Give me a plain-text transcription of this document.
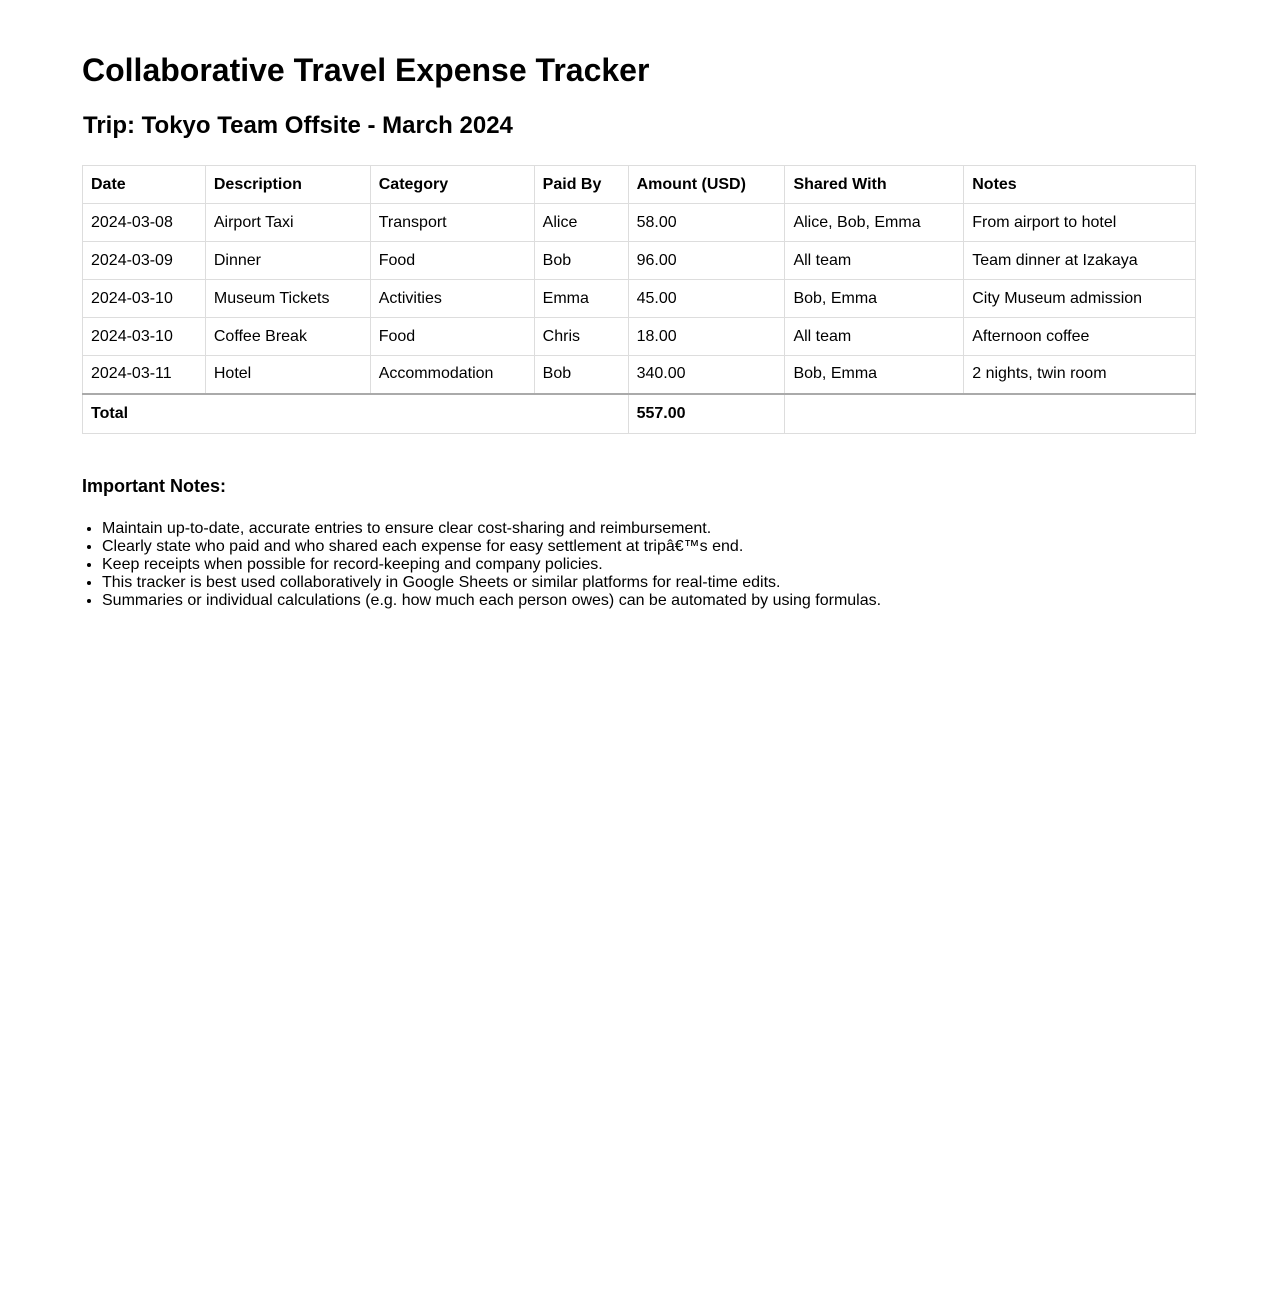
Collaborative Travel Expense Tracker
Trip: Tokyo Team Offsite - March 2024
Date	Description	Category	Paid By	Amount (USD)	Shared With	Notes
2024-03-08	Airport Taxi	Transport	Alice	58.00	Alice, Bob, Emma	From airport to hotel
2024-03-09	Dinner	Food	Bob	96.00	All team	Team dinner at Izakaya
2024-03-10	Museum Tickets	Activities	Emma	45.00	Bob, Emma	City Museum admission
2024-03-10	Coffee Break	Food	Chris	18.00	All team	Afternoon coffee
2024-03-11	Hotel	Accommodation	Bob	340.00	Bob, Emma	2 nights, twin room
Total				557.00		
Important Notes:
• Maintain up-to-date, accurate entries to ensure clear cost-sharing and reimbursement.
• Clearly state who paid and who shared each expense for easy settlement at tripâ€™s end.
• Keep receipts when possible for record-keeping and company policies.
• This tracker is best used collaboratively in Google Sheets or similar platforms for real-time edits.
• Summaries or individual calculations (e.g. how much each person owes) can be automated by using formulas.
